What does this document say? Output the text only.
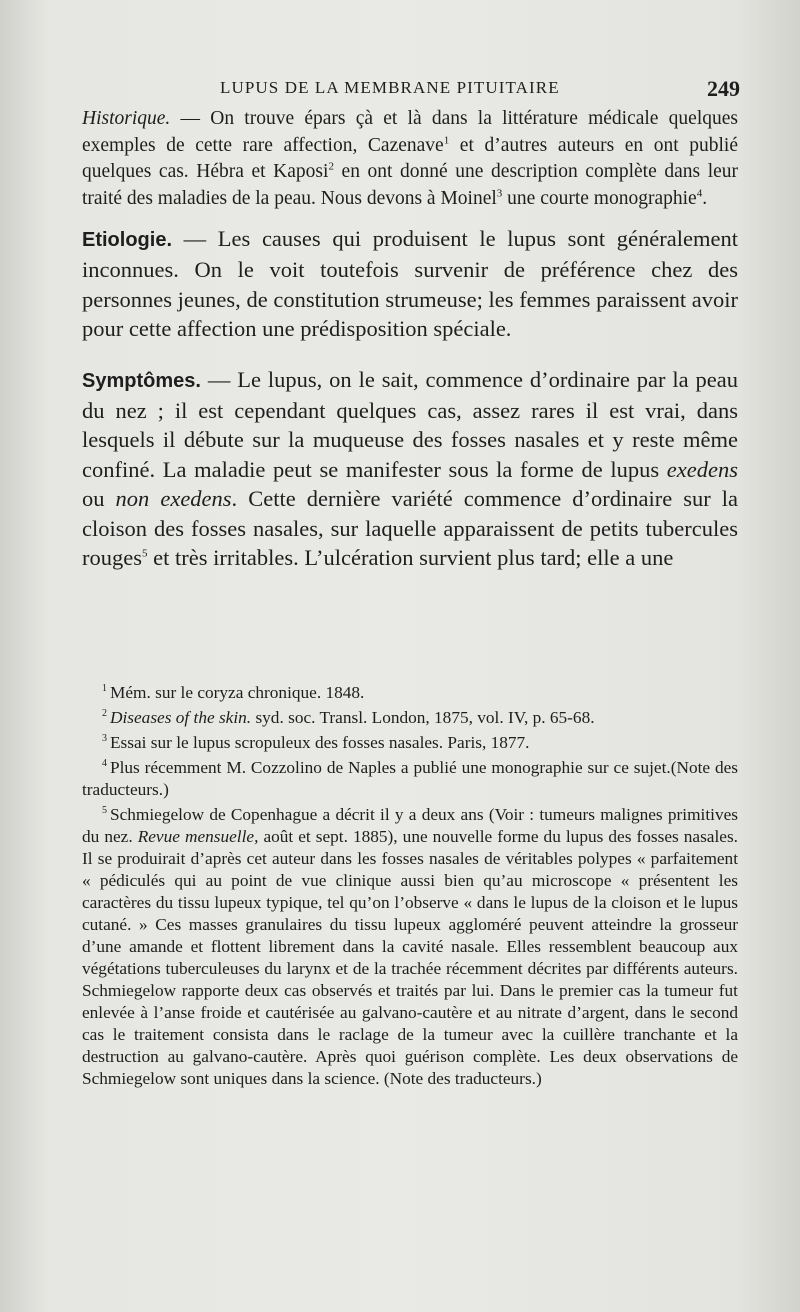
LUPUS DE LA MEMBRANE PITUITAIRE	249

Historique. — On trouve épars çà et là dans la littérature médicale quelques exemples de cette rare affection, Cazenave$^1$ et d’autres auteurs en ont publié quelques cas. Hébra et Kaposi$^2$ en ont donné une description complète dans leur traité des maladies de la peau. Nous devons à Moinel$^3$ une courte monographie$^4$.

Etiologie. — Les causes qui produisent le lupus sont généralement inconnues. On le voit toutefois survenir de préférence chez des personnes jeunes, de constitution strumeuse; les femmes paraissent avoir pour cette affection une prédisposition spéciale.

Symptômes. — Le lupus, on le sait, commence d’ordinaire par la peau du nez ; il est cependant quelques cas, assez rares il est vrai, dans lesquels il débute sur la muqueuse des fosses nasales et y reste même confiné. La maladie peut se manifester sous la forme de lupus exedens ou non exedens. Cette dernière variété commence d’ordinaire sur la cloison des fosses nasales, sur laquelle apparaissent de petits tubercules rouges$^5$ et très irritables. L’ulcération survient plus tard; elle a une

$^1$ Mém. sur le coryza chronique. 1848.

$^2$ Diseases of the skin. syd. soc. Transl. London, 1875, vol. IV, p. 65-68.

$^3$ Essai sur le lupus scropuleux des fosses nasales. Paris, 1877.

$^4$ Plus récemment M. Cozzolino de Naples a publié une monographie sur ce sujet.(Note des traducteurs.)

$^5$ Schmiegelow de Copenhague a décrit il y a deux ans (Voir : tumeurs malignes primitives du nez. Revue mensuelle, août et sept. 1885), une nouvelle forme du lupus des fosses nasales. Il se produirait d’après cet auteur dans les fosses nasales de véritables polypes « parfaitement « pédiculés qui au point de vue clinique aussi bien qu’au microscope « présentent les caractères du tissu lupeux typique, tel qu’on l’observe « dans le lupus de la cloison et le lupus cutané. » Ces masses granulaires du tissu lupeux aggloméré peuvent atteindre la grosseur d’une amande et flottent librement dans la cavité nasale. Elles ressemblent beaucoup aux végétations tuberculeuses du larynx et de la trachée récemment décrites par différents auteurs. Schmiegelow rapporte deux cas observés et traités par lui. Dans le premier cas la tumeur fut enlevée à l’anse froide et cautérisée au galvano-cautère et au nitrate d’argent, dans le second cas le traitement consista dans le raclage de la tumeur avec la cuillère tranchante et la destruction au galvano-cautère. Après quoi guérison complète. Les deux observations de Schmiegelow sont uniques dans la science. (Note des traducteurs.)
